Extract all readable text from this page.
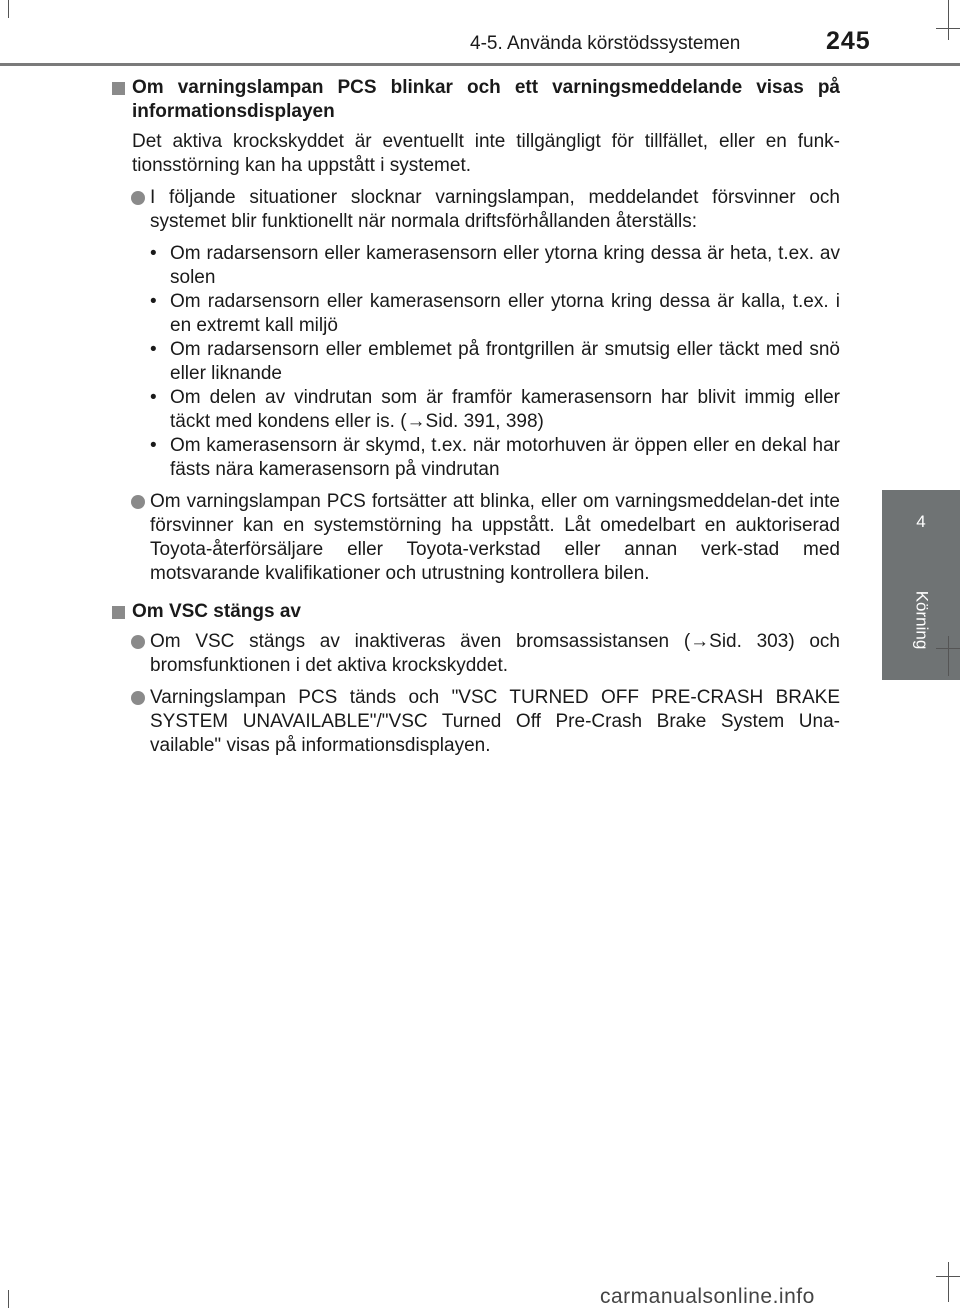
4-5. Använda körstödssystemen	245
4
Körning
Om varningslampan PCS blinkar och ett varningsmeddelande visas på informationsdisplayen
Det aktiva krockskyddet är eventuellt inte tillgängligt för tillfället, eller en funk-tionsstörning kan ha uppstått i systemet.
I följande situationer slocknar varningslampan, meddelandet försvinner och systemet blir funktionellt när normala driftsförhållanden återställs:
• Om radarsensorn eller kamerasensorn eller ytorna kring dessa är heta, t.ex. av solen
• Om radarsensorn eller kamerasensorn eller ytorna kring dessa är kalla, t.ex. i en extremt kall miljö
• Om radarsensorn eller emblemet på frontgrillen är smutsig eller täckt med snö eller liknande
• Om delen av vindrutan som är framför kamerasensorn har blivit immig eller täckt med kondens eller is. (→Sid. 391, 398)
• Om kamerasensorn är skymd, t.ex. när motorhuven är öppen eller en dekal har fästs nära kamerasensorn på vindrutan
Om varningslampan PCS fortsätter att blinka, eller om varningsmeddelan-det inte försvinner kan en systemstörning ha uppstått. Låt omedelbart en auktoriserad Toyota-återförsäljare eller Toyota-verkstad eller annan verk-stad med motsvarande kvalifikationer och utrustning kontrollera bilen.
Om VSC stängs av
Om VSC stängs av inaktiveras även bromsassistansen (→Sid. 303) och bromsfunktionen i det aktiva krockskyddet.
Varningslampan PCS tänds och "VSC TURNED OFF PRE-CRASH BRAKE SYSTEM UNAVAILABLE"/"VSC Turned Off Pre-Crash Brake System Una-vailable" visas på informationsdisplayen.
carmanualsonline.info
